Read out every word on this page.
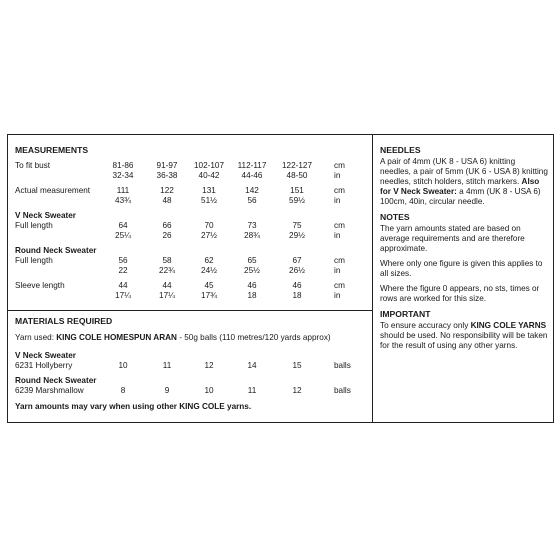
MEASUREMENTS
To fit bust	81-86	91-97	102-107	112-117	122-127	cm
32-34	36-38	40-42	44-46	48-50	in
Actual measurement	111	122	131	142	151	cm
43¾	48	51½	56	59½	in
V Neck Sweater
Full length	64	66	70	73	75	cm
25¼	26	27½	28¾	29½	in
Round Neck Sweater
Full length	56	58	62	65	67	cm
22	22¾	24½	25½	26½	in
Sleeve length	44	44	45	46	46	cm
17¼	17¼	17¾	18	18	in
MATERIALS REQUIRED
Yarn used: KING COLE HOMESPUN ARAN - 50g balls (110 metres/120 yards approx)
V Neck Sweater
6231 Hollyberry	10	11	12	14	15	balls
Round Neck Sweater
6239 Marshmallow	8	9	10	11	12	balls
Yarn amounts may vary when using other KING COLE yarns.
NEEDLES
A pair of 4mm (UK 8 - USA 6) knitting needles, a pair of 5mm (UK 6 - USA 8) knitting needles, stitch holders, stitch markers. Also for V Neck Sweater: a 4mm (UK 8 - USA 6) 100cm, 40in, circular needle.
NOTES
The yarn amounts stated are based on average requirements and are therefore approximate.
Where only one figure is given this applies to all sizes.
Where the figure 0 appears, no sts, times or rows are worked for this size.
IMPORTANT
To ensure accuracy only KING COLE YARNS should be used. No responsibility will be taken for the result of using any other yarns.
